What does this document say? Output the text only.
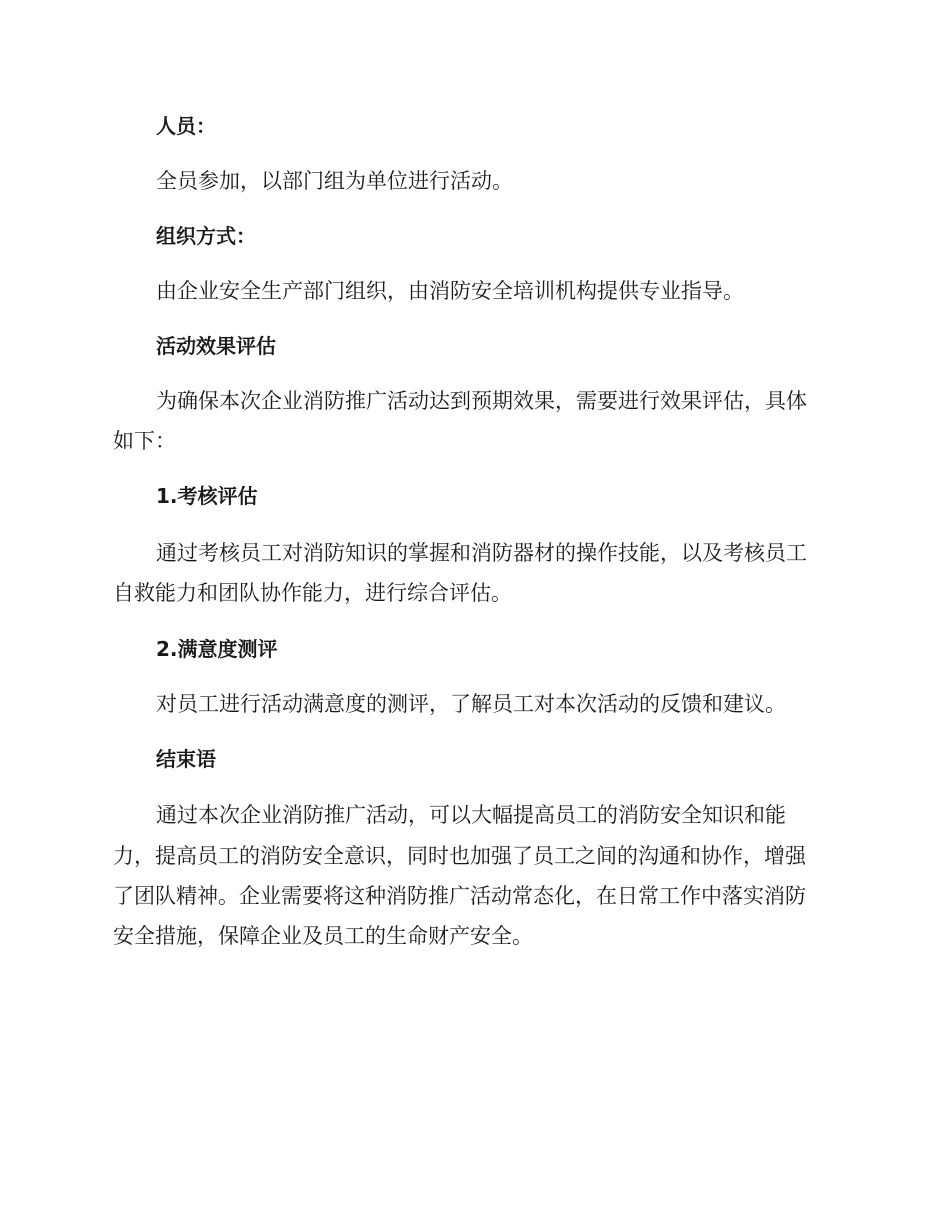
人员：
全员参加，以部门组为单位进行活动。
组织方式：
由企业安全生产部门组织，由消防安全培训机构提供专业指导。
活动效果评估
为确保本次企业消防推广活动达到预期效果，需要进行效果评估，具体
如下：
1.考核评估
通过考核员工对消防知识的掌握和消防器材的操作技能，以及考核员工
自救能力和团队协作能力，进行综合评估。
2.满意度测评
对员工进行活动满意度的测评，了解员工对本次活动的反馈和建议。
结束语
通过本次企业消防推广活动，可以大幅提高员工的消防安全知识和能
力，提高员工的消防安全意识，同时也加强了员工之间的沟通和协作，增强
了团队精神。企业需要将这种消防推广活动常态化，在日常工作中落实消防
安全措施，保障企业及员工的生命财产安全。
